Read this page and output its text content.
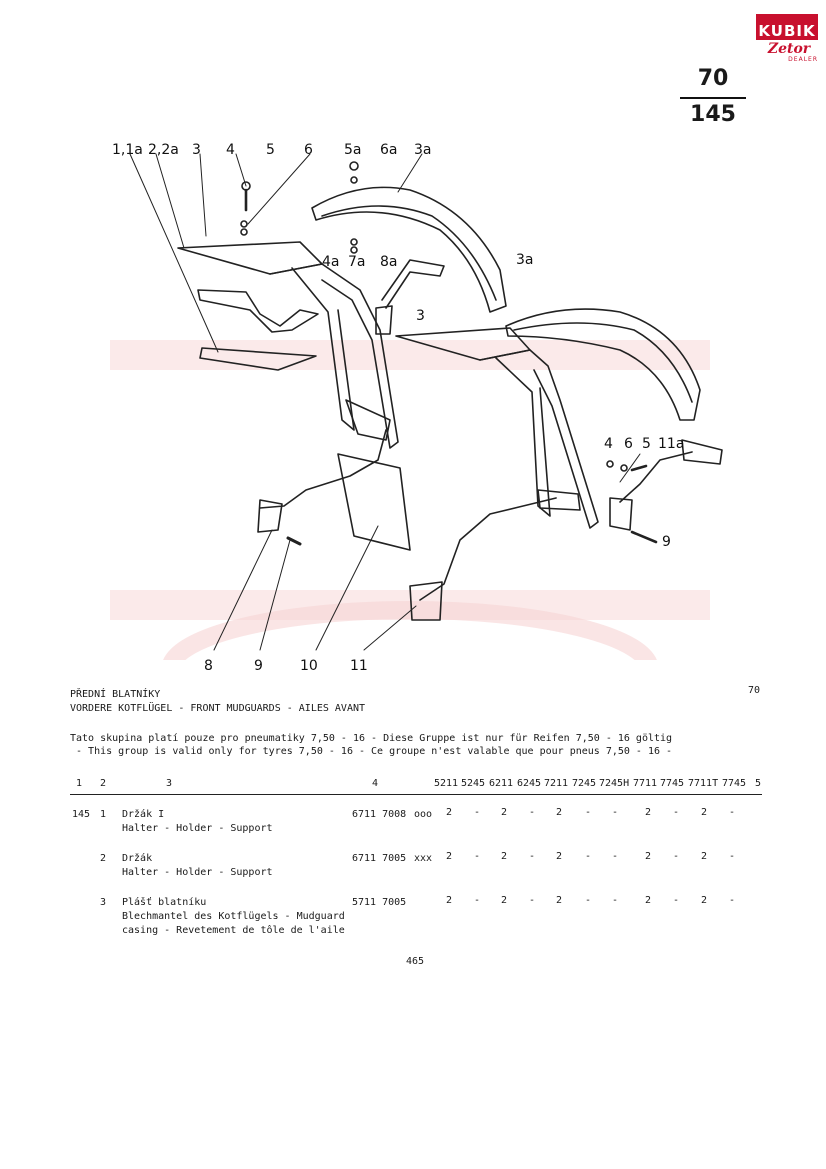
KUBIK
Zetor
DEALER
70
145
1,1a 2,2a 3 4 5 6 5a 6a 3a
4a 7a 8a	3a
3
4 6 5 11a
9
8	9	10 11
PŘEDNÍ BLATNÍKY
VORDERE KOTFLÜGEL - FRONT MUDGUARDS - AILES AVANT
70
Tato skupina platí pouze pro pneumatiky 7,50 - 16 - Diese Gruppe ist nur für Reifen 7,50 - 16 göltig
- This group is valid only for tyres 7,50 - 16 - Ce groupe n'est valable que pour pneus 7,50 - 16 -
1 2	3	4	5211 5245 6211 6245 7211 7245 7245H 7711 7745 7711T 7745 5
145 1 Držák I
Halter - Holder - Support
6711 7008 ooo 2 - 2 - 2 - -	2 - 2 -
2 Držák
Halter - Holder - Support
6711 7005 xxx 2 - 2 - 2 - -	2 - 2 -
3 Plášť blatníku
Blechmantel des Kotflügels - Mudguard
casing - Revetement de tôle de l'aile
5711 7005	2 - 2 - 2 - -	2 - 2 -
465
